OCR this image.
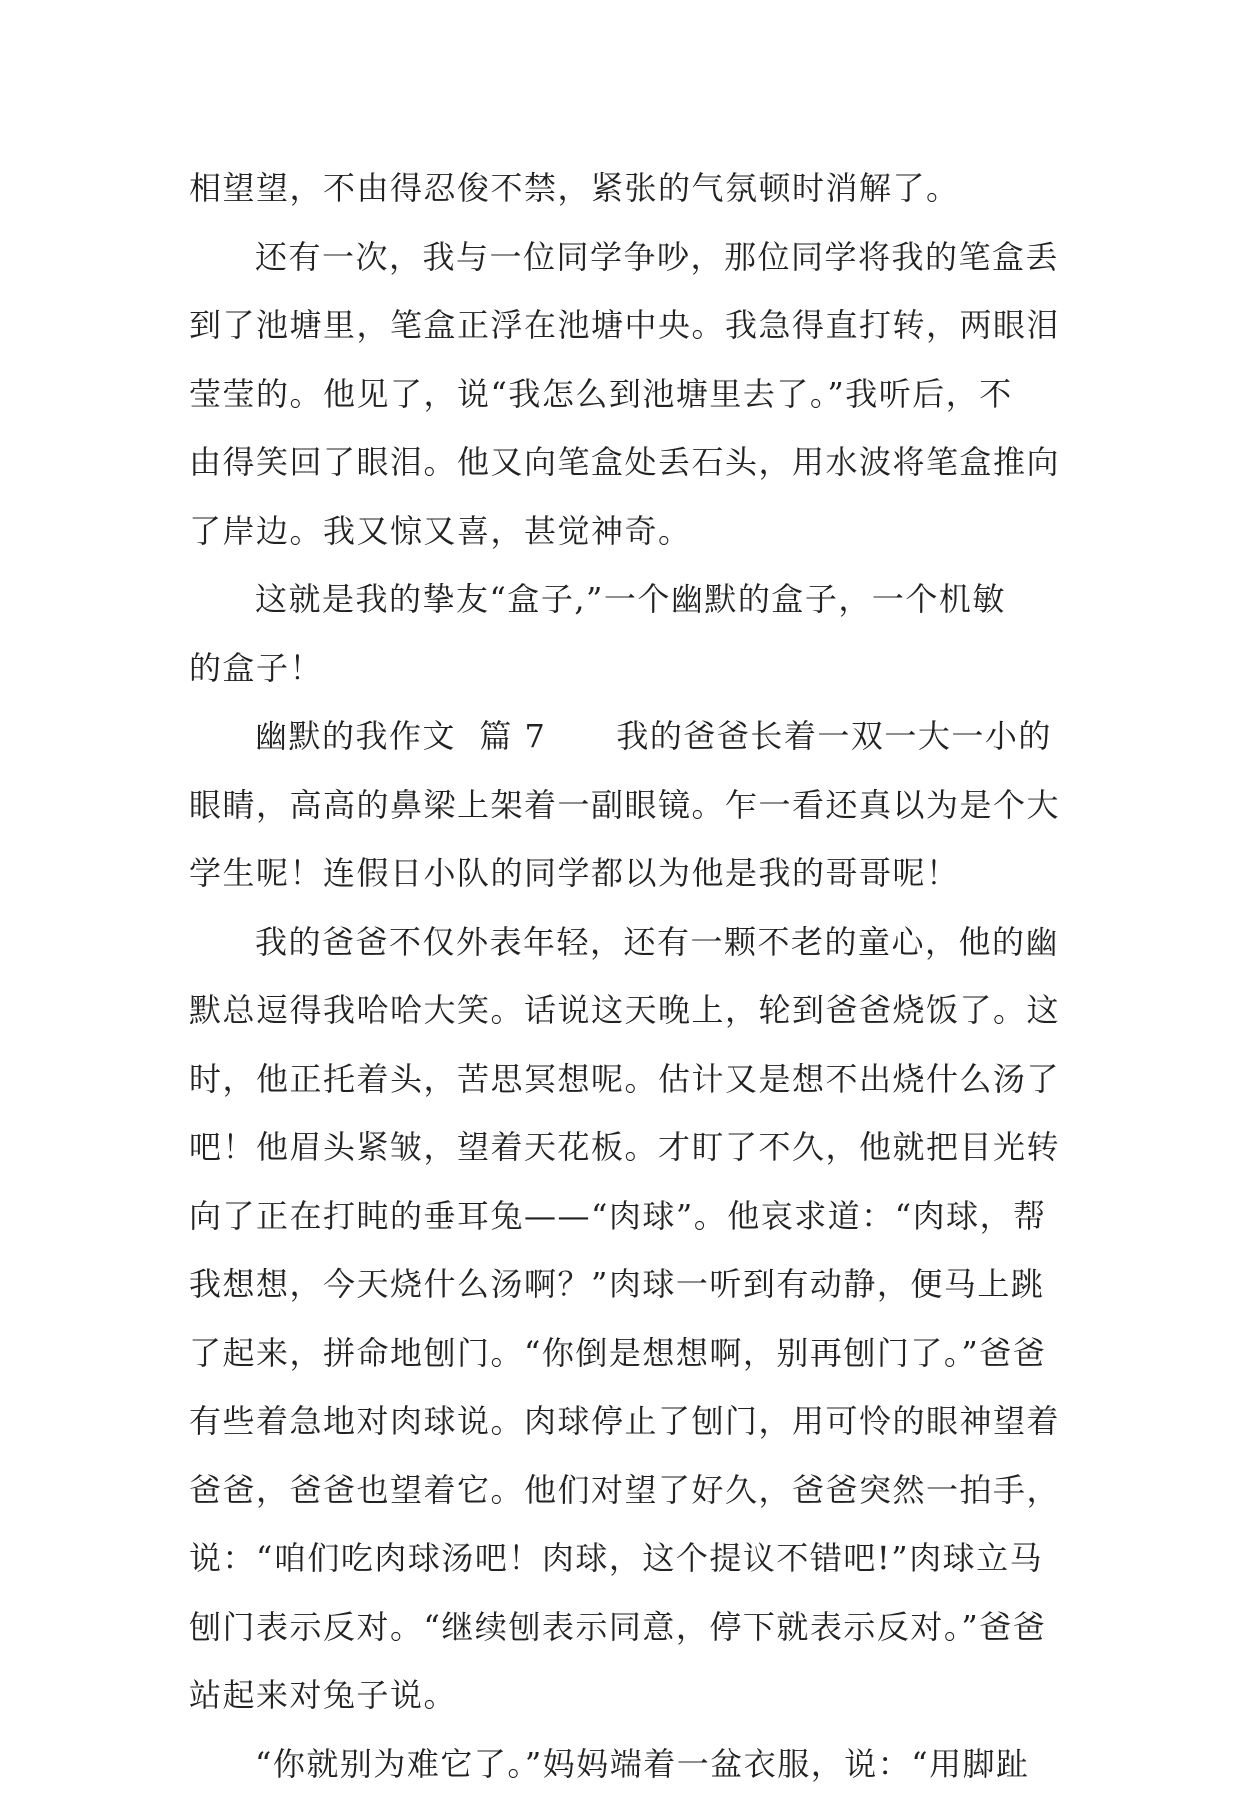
相望望，不由得忍俊不禁，紧张的气氛顿时消解了。
还有一次，我与一位同学争吵，那位同学将我的笔盒丢
到了池塘里，笔盒正浮在池塘中央。我急得直打转，两眼泪
莹莹的。他见了，说“我怎么到池塘里去了。”我听后，不
由得笑回了眼泪。他又向笔盒处丢石头，用水波将笔盒推向
了岸边。我又惊又喜，甚觉神奇。
这就是我的挚友“盒子,”一个幽默的盒子，一个机敏
的盒子！
幽默的我作文  篇 7      我的爸爸长着一双一大一小的
眼睛，高高的鼻梁上架着一副眼镜。乍一看还真以为是个大
学生呢！连假日小队的同学都以为他是我的哥哥呢！
我的爸爸不仅外表年轻，还有一颗不老的童心，他的幽
默总逗得我哈哈大笑。话说这天晚上，轮到爸爸烧饭了。这
时，他正托着头，苦思冥想呢。估计又是想不出烧什么汤了
吧！他眉头紧皱，望着天花板。才盯了不久，他就把目光转
向了正在打盹的垂耳兔——“肉球”。他哀求道：“肉球，帮
我想想，今天烧什么汤啊？”肉球一听到有动静，便马上跳
了起来，拼命地刨门。“你倒是想想啊，别再刨门了。”爸爸
有些着急地对肉球说。肉球停止了刨门，用可怜的眼神望着
爸爸，爸爸也望着它。他们对望了好久，爸爸突然一拍手，
说：“咱们吃肉球汤吧！肉球，这个提议不错吧!”肉球立马
刨门表示反对。“继续刨表示同意，停下就表示反对。”爸爸
站起来对兔子说。
“你就别为难它了。”妈妈端着一盆衣服，说：“用脚趾
